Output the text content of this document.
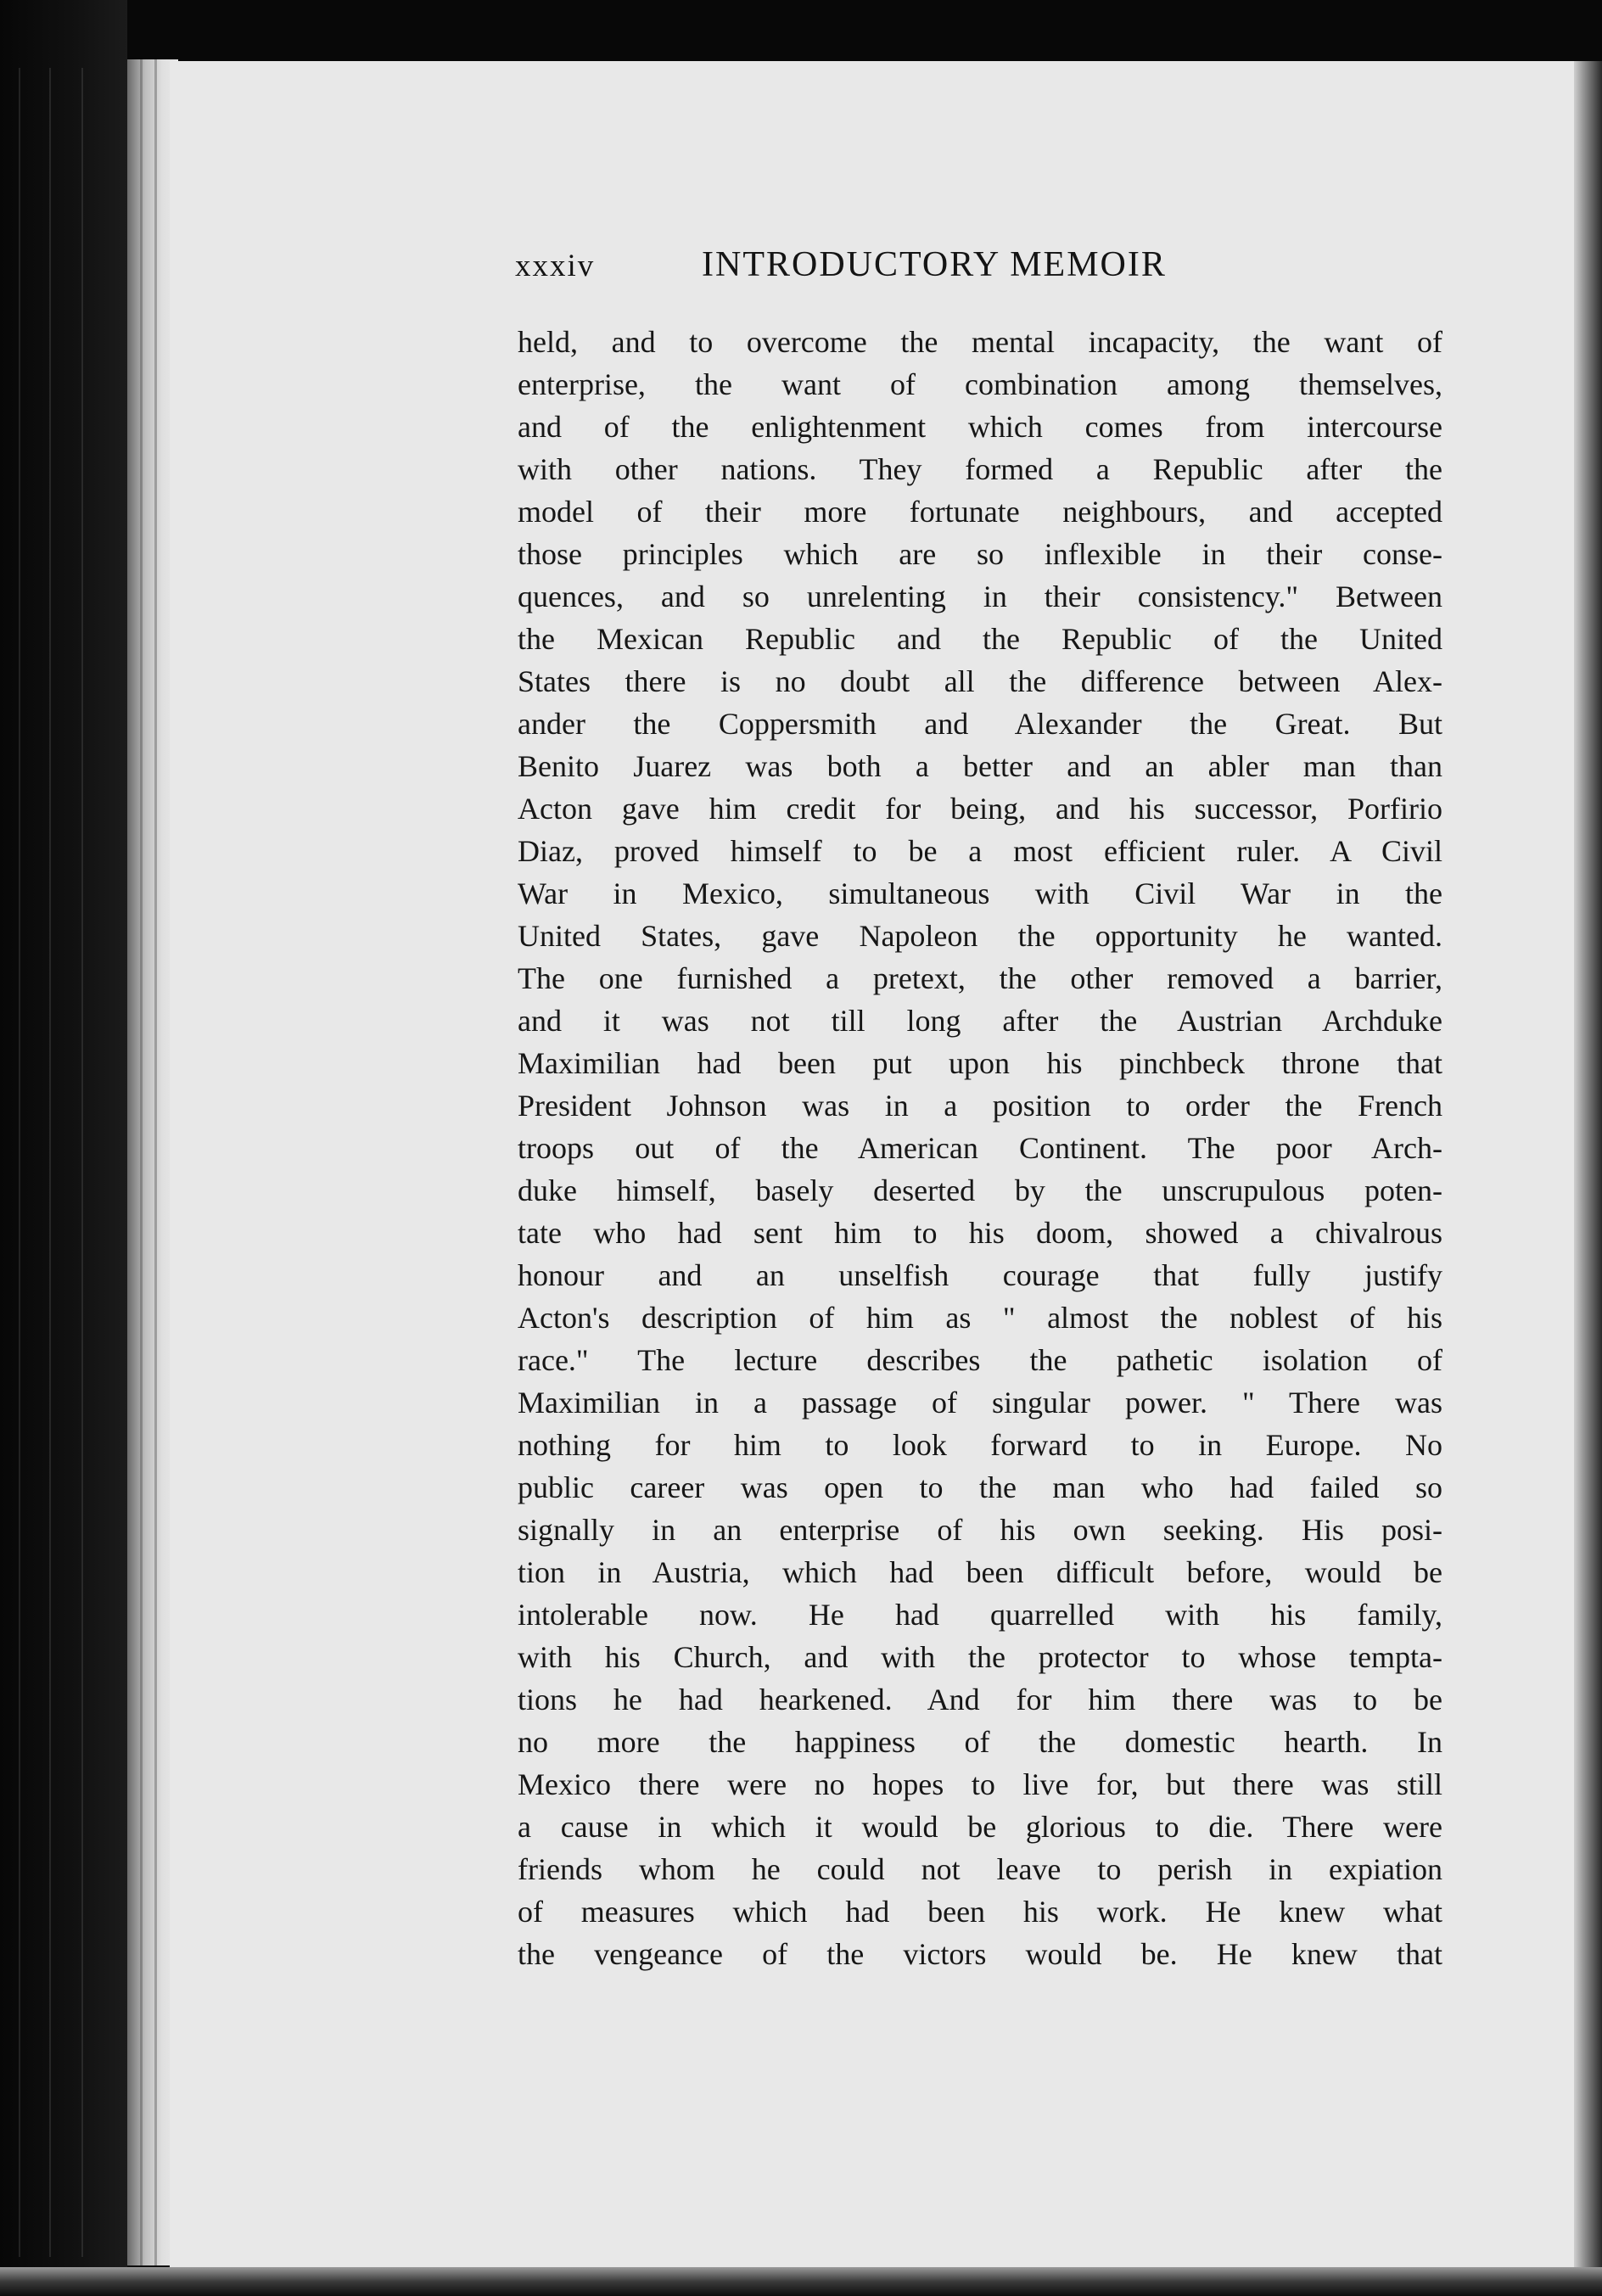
xxxiv	INTRODUCTORY MEMOIR
held, and to overcome the mental incapacity, the want of
enterprise, the want of combination among themselves,
and of the enlightenment which comes from intercourse
with other nations. They formed a Republic after the
model of their more fortunate neighbours, and accepted
those principles which are so inflexible in their conse-
quences, and so unrelenting in their consistency." Between
the Mexican Republic and the Republic of the United
States there is no doubt all the difference between Alex-
ander the Coppersmith and Alexander the Great. But
Benito Juarez was both a better and an abler man than
Acton gave him credit for being, and his successor, Porfirio
Diaz, proved himself to be a most efficient ruler. A Civil
War in Mexico, simultaneous with Civil War in the
United States, gave Napoleon the opportunity he wanted.
The one furnished a pretext, the other removed a barrier,
and it was not till long after the Austrian Archduke
Maximilian had been put upon his pinchbeck throne that
President Johnson was in a position to order the French
troops out of the American Continent. The poor Arch-
duke himself, basely deserted by the unscrupulous poten-
tate who had sent him to his doom, showed a chivalrous
honour and an unselfish courage that fully justify
Acton's description of him as " almost the noblest of his
race." The lecture describes the pathetic isolation of
Maximilian in a passage of singular power. " There was
nothing for him to look forward to in Europe. No
public career was open to the man who had failed so
signally in an enterprise of his own seeking. His posi-
tion in Austria, which had been difficult before, would be
intolerable now. He had quarrelled with his family,
with his Church, and with the protector to whose tempta-
tions he had hearkened. And for him there was to be
no more the happiness of the domestic hearth. In
Mexico there were no hopes to live for, but there was still
a cause in which it would be glorious to die. There were
friends whom he could not leave to perish in expiation
of measures which had been his work. He knew what
the vengeance of the victors would be. He knew that
